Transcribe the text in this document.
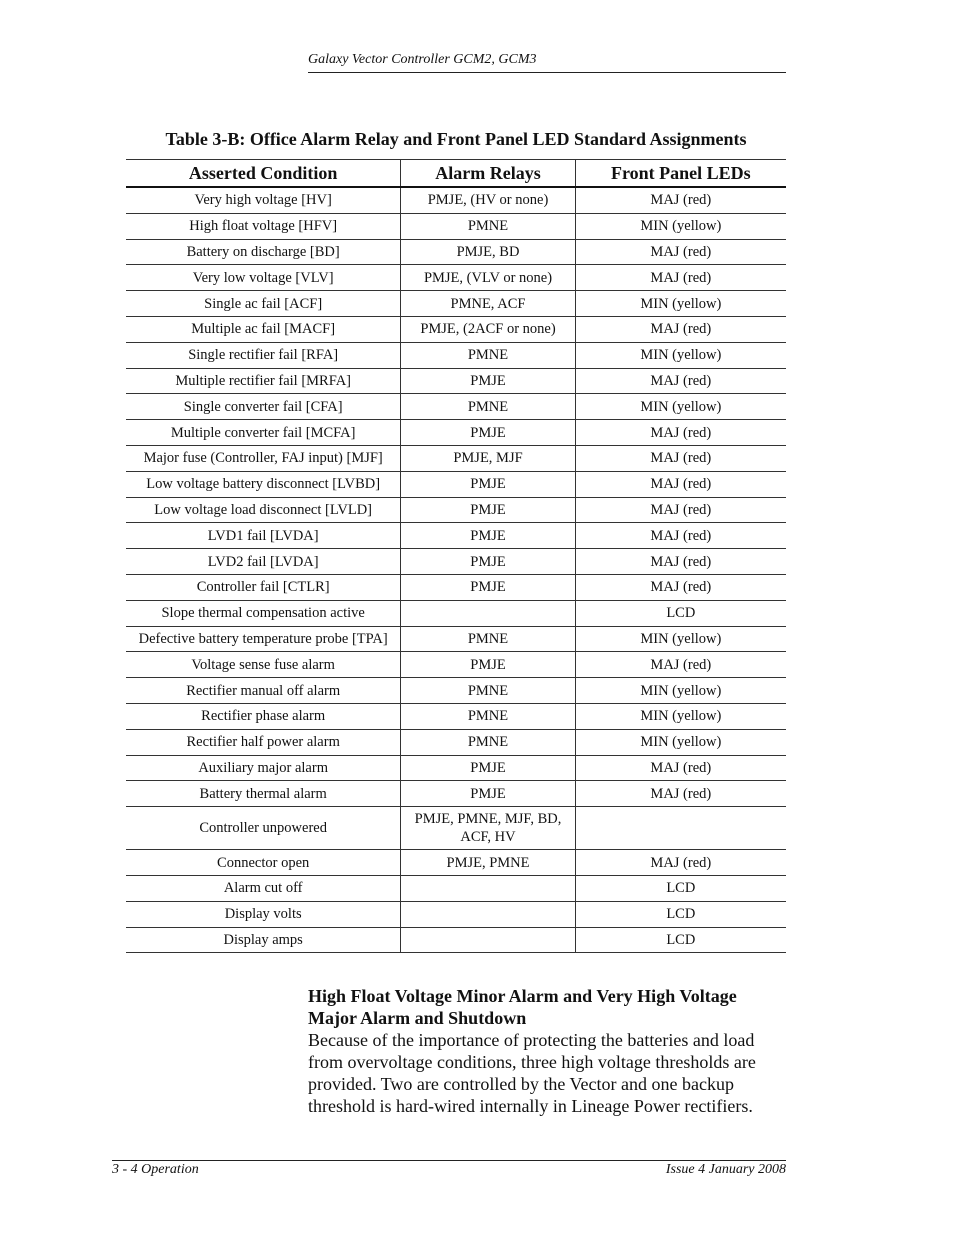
Galaxy Vector Controller GCM2, GCM3
Table 3-B: Office Alarm Relay and Front Panel LED Standard Assignments
Asserted Condition	Alarm Relays	Front Panel LEDs
Very high voltage [HV]	PMJE, (HV or none)	MAJ (red)
High float voltage [HFV]	PMNE	MIN (yellow)
Battery on discharge [BD]	PMJE, BD	MAJ (red)
Very low voltage [VLV]	PMJE, (VLV or none)	MAJ (red)
Single ac fail [ACF]	PMNE, ACF	MIN (yellow)
Multiple ac fail [MACF]	PMJE, (2ACF or none)	MAJ (red)
Single rectifier fail [RFA]	PMNE	MIN (yellow)
Multiple rectifier fail [MRFA]	PMJE	MAJ (red)
Single converter fail [CFA]	PMNE	MIN (yellow)
Multiple converter fail [MCFA]	PMJE	MAJ (red)
Major fuse (Controller, FAJ input) [MJF]	PMJE, MJF	MAJ (red)
Low voltage battery disconnect [LVBD]	PMJE	MAJ (red)
Low voltage load disconnect [LVLD]	PMJE	MAJ (red)
LVD1 fail [LVDA]	PMJE	MAJ (red)
LVD2 fail [LVDA]	PMJE	MAJ (red)
Controller fail [CTLR]	PMJE	MAJ (red)
Slope thermal compensation active		LCD
Defective battery temperature probe [TPA]	PMNE	MIN (yellow)
Voltage sense fuse alarm	PMJE	MAJ (red)
Rectifier manual off alarm	PMNE	MIN (yellow)
Rectifier phase alarm	PMNE	MIN (yellow)
Rectifier half power alarm	PMNE	MIN (yellow)
Auxiliary major alarm	PMJE	MAJ (red)
Battery thermal alarm	PMJE	MAJ (red)
Controller unpowered	PMJE, PMNE, MJF, BD, ACF, HV	
Connector open	PMJE, PMNE	MAJ (red)
Alarm cut off		LCD
Display volts		LCD
Display amps		LCD

High Float Voltage Minor Alarm and Very High Voltage Major Alarm and Shutdown

Because of the importance of protecting the batteries and load from overvoltage conditions, three high voltage thresholds are provided. Two are controlled by the Vector and one backup threshold is hard-wired internally in Lineage Power rectifiers.

3 - 4 Operation	Issue 4 January 2008
